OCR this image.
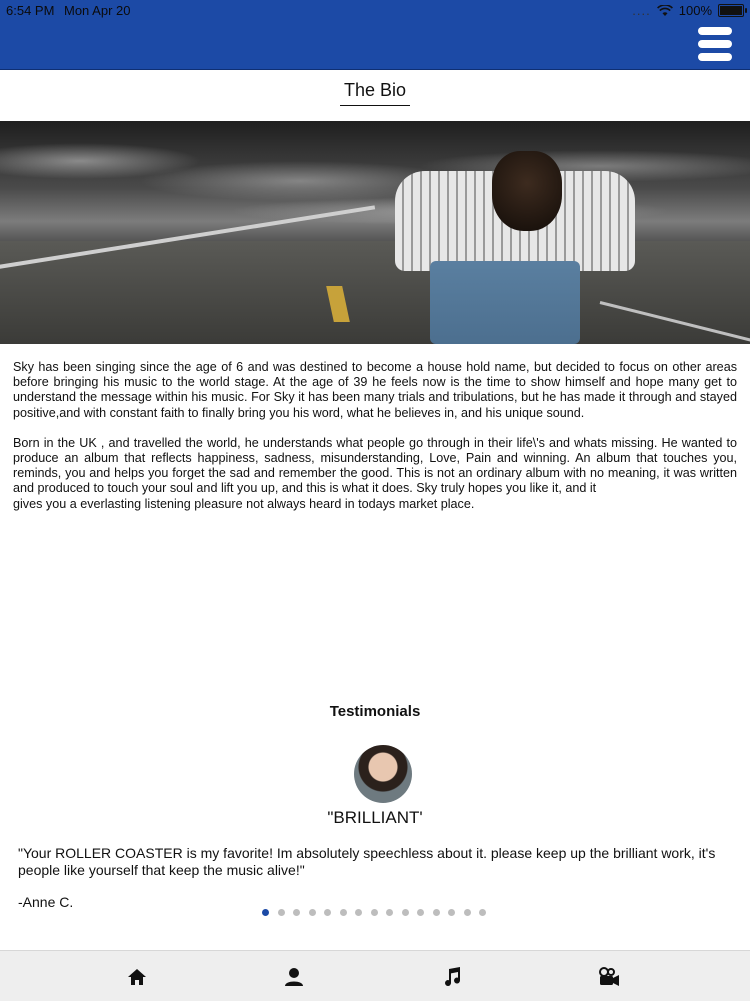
6:54 PM Mon Apr 20	.... 100%
The Bio

Sky has been singing since the age of 6 and was destined to become a house hold name, but decided to focus on other areas before bringing his music to the world stage. At the age of 39 he feels now is the time to show himself and hope many get to understand the message within his music. For Sky it has been many trials and tribulations, but he has made it through and stayed positive,and with constant faith to finally bring you his word, what he believes in, and his unique sound.

Born in the UK , and travelled the world, he understands what people go through in their life\'s and whats missing. He wanted to produce an album that reflects happiness, sadness, misunderstanding, Love, Pain and winning. An album that touches you, reminds, you and helps you forget the sad and remember the good. This is not an ordinary album with no meaning, it was written and produced to touch your soul and lift you up, and this is what it does. Sky truly hopes you like it, and it

gives you a everlasting listening pleasure not always heard in todays market place.

Testimonials
"BRILLIANT'
"Your ROLLER COASTER is my favorite! Im absolutely speechless about it. please keep up the brilliant work, it's people like yourself that keep the music alive!"
-Anne C.
